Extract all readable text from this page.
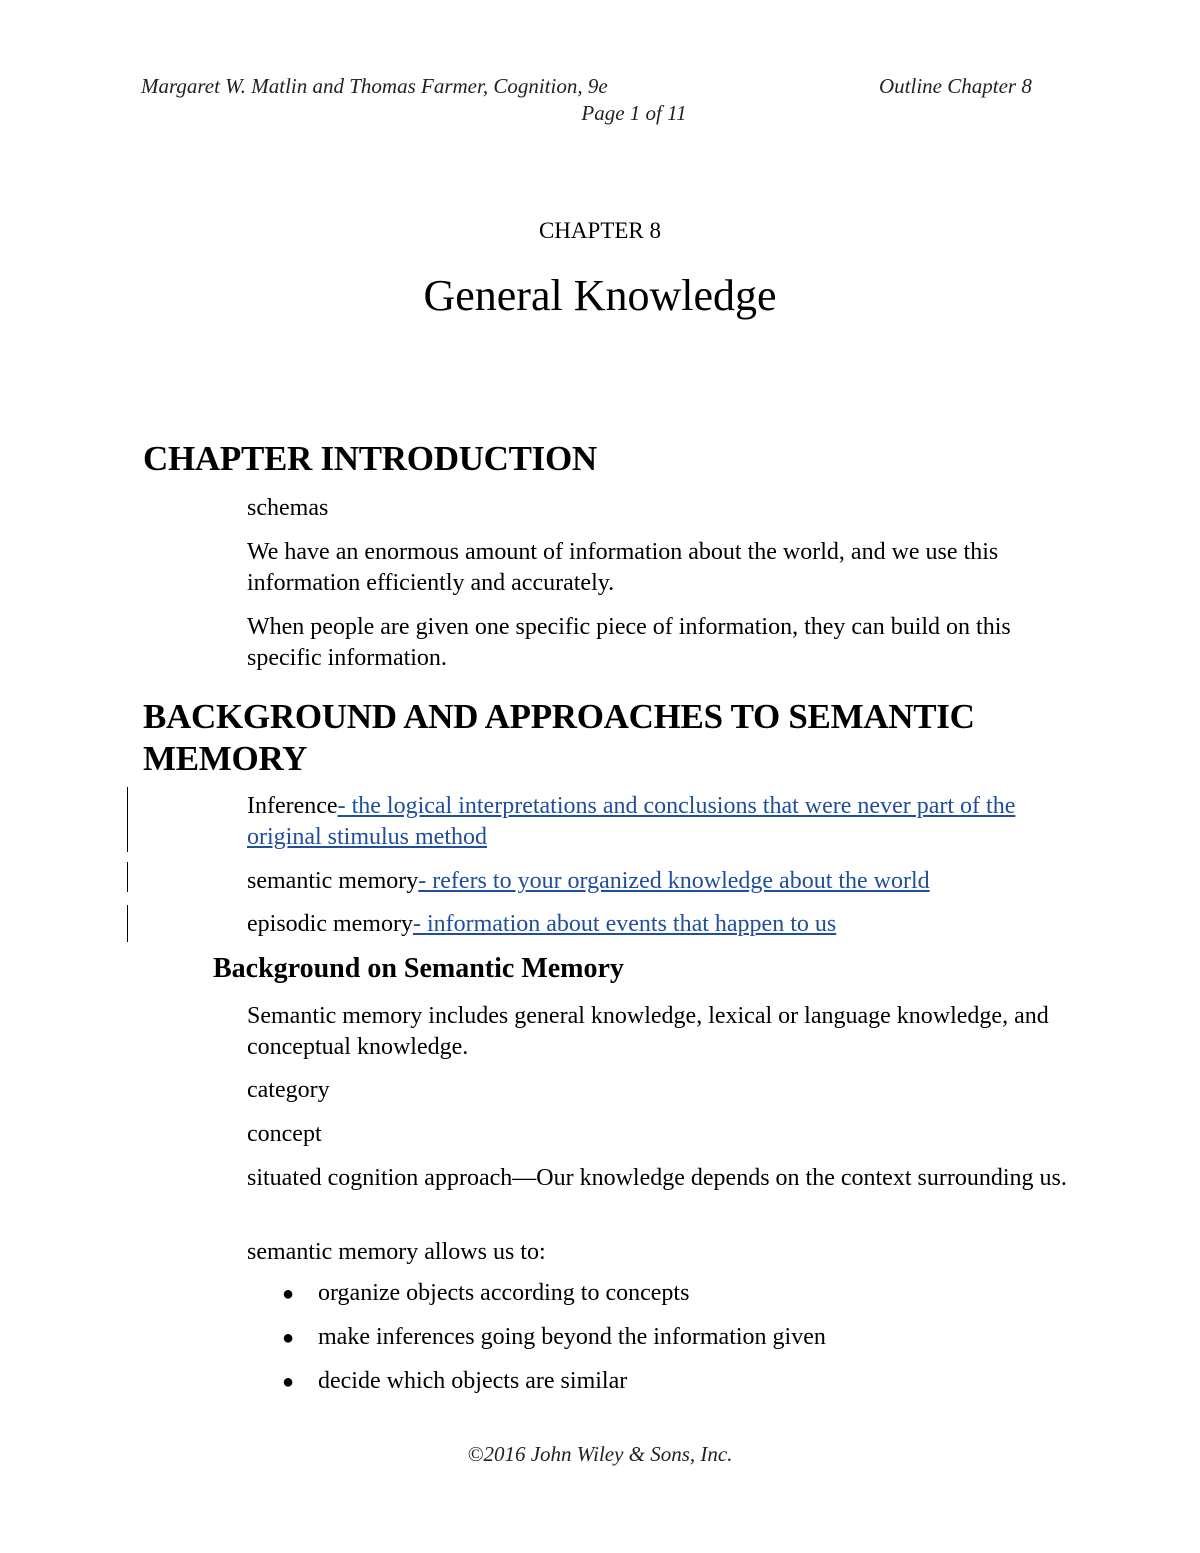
Margaret W. Matlin and Thomas Farmer, Cognition, 9e	Outline Chapter 8
Page 1 of 11
CHAPTER 8
General Knowledge
CHAPTER INTRODUCTION
schemas
We have an enormous amount of information about the world, and we use this information efficiently and accurately.
When people are given one specific piece of information, they can build on this specific information.
BACKGROUND AND APPROACHES TO SEMANTIC MEMORY
Inference- the logical interpretations and conclusions that were never part of the original stimulus method
semantic memory- refers to your organized knowledge about the world
episodic memory- information about events that happen to us
Background on Semantic Memory
Semantic memory includes general knowledge, lexical or language knowledge, and conceptual knowledge.
category
concept
situated cognition approach—Our knowledge depends on the context surrounding us.
semantic memory allows us to:
● organize objects according to concepts
● make inferences going beyond the information given
● decide which objects are similar
©2016 John Wiley & Sons, Inc.
